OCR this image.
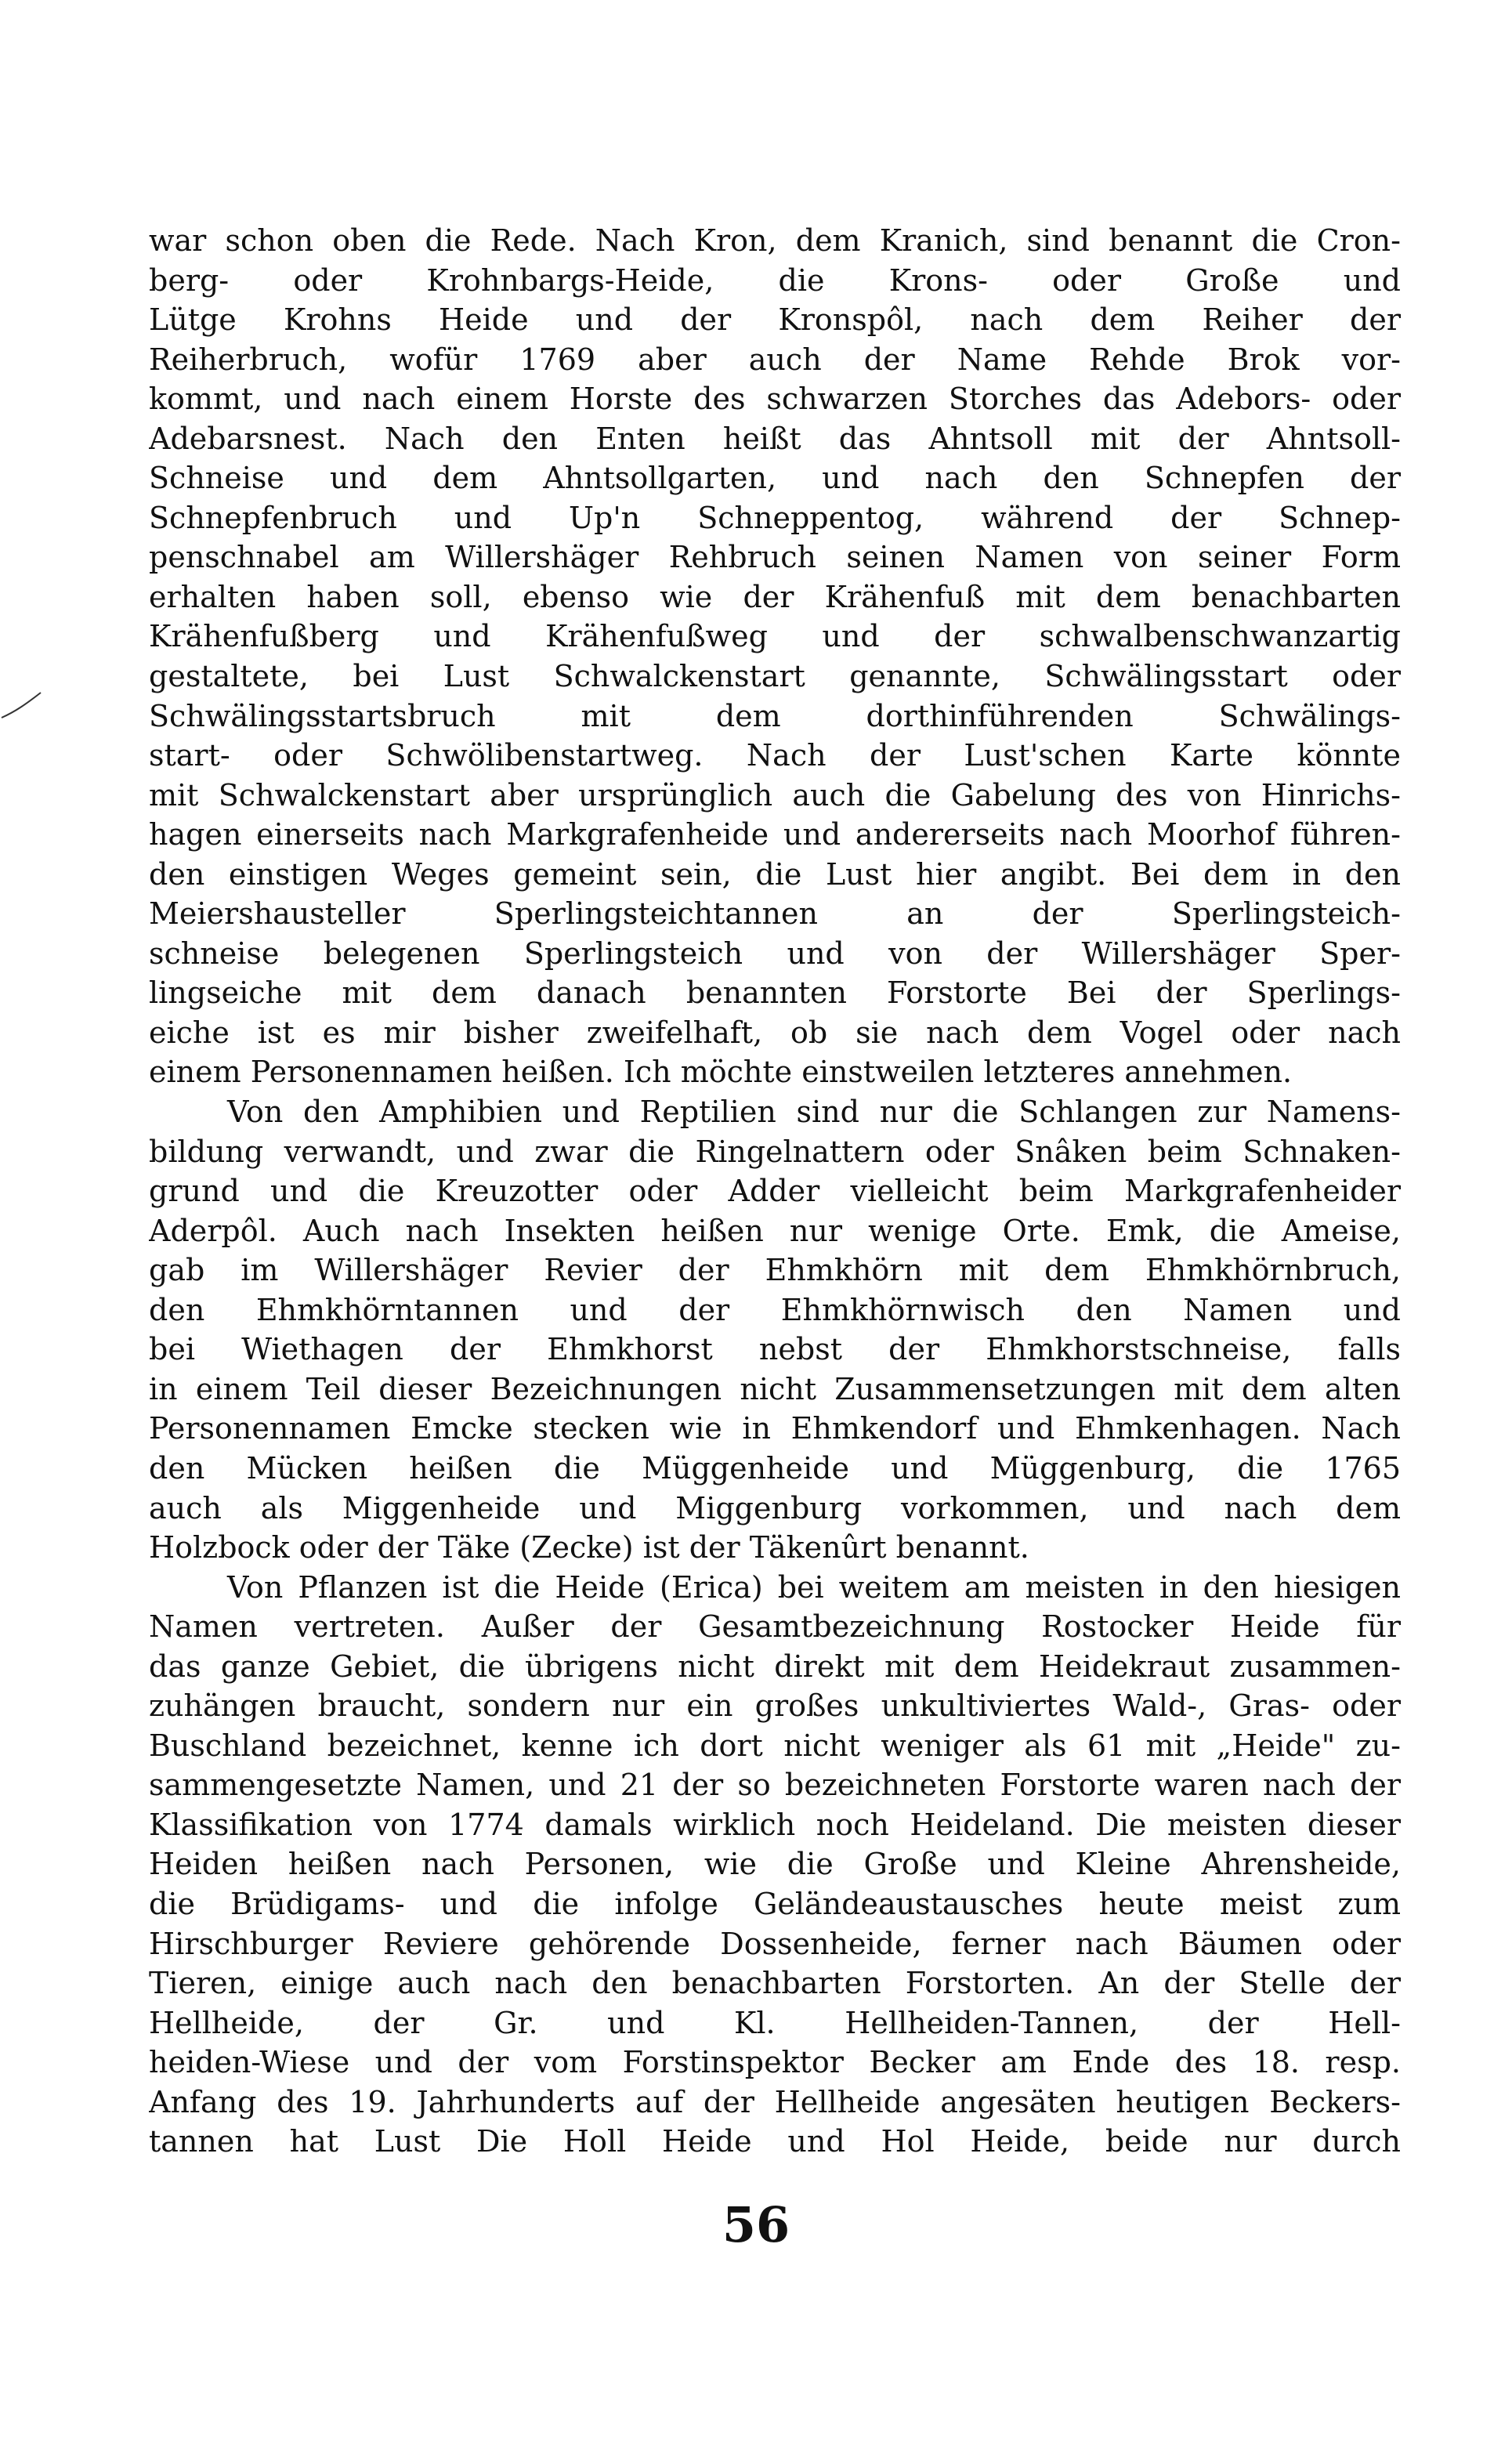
war schon oben die Rede. Nach Kron, dem Kranich, sind benannt die Cron-
berg- oder Krohnbargs-Heide, die Krons- oder Große und
Lütge Krohns Heide und der Kronspôl, nach dem Reiher der
Reiherbruch, wofür 1769 aber auch der Name Rehde Brok vor-
kommt, und nach einem Horste des schwarzen Storches das Adebors- oder
Adebarsnest. Nach den Enten heißt das Ahntsoll mit der Ahntsoll-
Schneise und dem Ahntsollgarten, und nach den Schnepfen der
Schnepfenbruch und Up'n Schneppentog, während der Schnep-
penschnabel am Willershäger Rehbruch seinen Namen von seiner Form
erhalten haben soll, ebenso wie der Krähenfuß mit dem benachbarten
Krähenfußberg und Krähenfußweg und der schwalbenschwanzartig
gestaltete, bei Lust Schwalckenstart genannte, Schwälingsstart oder
Schwälingsstartsbruch mit dem dorthinführenden Schwälings-
start- oder Schwölibenstartweg. Nach der Lust'schen Karte könnte
mit Schwalckenstart aber ursprünglich auch die Gabelung des von Hinrichs-
hagen einerseits nach Markgrafenheide und andererseits nach Moorhof führen-
den einstigen Weges gemeint sein, die Lust hier angibt. Bei dem in den
Meiershausteller Sperlingsteichtannen an der Sperlingsteich-
schneise belegenen Sperlingsteich und von der Willershäger Sper-
lingseiche mit dem danach benannten Forstorte Bei der Sperlings-
eiche ist es mir bisher zweifelhaft, ob sie nach dem Vogel oder nach
einem Personennamen heißen. Ich möchte einstweilen letzteres annehmen.
Von den Amphibien und Reptilien sind nur die Schlangen zur Namens-
bildung verwandt, und zwar die Ringelnattern oder Snâken beim Schnaken-
grund und die Kreuzotter oder Adder vielleicht beim Markgrafenheider
Aderpôl. Auch nach Insekten heißen nur wenige Orte. Emk, die Ameise,
gab im Willershäger Revier der Ehmkhörn mit dem Ehmkhörnbruch,
den Ehmkhörntannen und der Ehmkhörnwisch den Namen und
bei Wiethagen der Ehmkhorst nebst der Ehmkhorstschneise, falls
in einem Teil dieser Bezeichnungen nicht Zusammensetzungen mit dem alten
Personennamen Emcke stecken wie in Ehmkendorf und Ehmkenhagen. Nach
den Mücken heißen die Müggenheide und Müggenburg, die 1765
auch als Miggenheide und Miggenburg vorkommen, und nach dem
Holzbock oder der Täke (Zecke) ist der Täkenûrt benannt.
Von Pflanzen ist die Heide (Erica) bei weitem am meisten in den hiesigen
Namen vertreten. Außer der Gesamtbezeichnung Rostocker Heide für
das ganze Gebiet, die übrigens nicht direkt mit dem Heidekraut zusammen-
zuhängen braucht, sondern nur ein großes unkultiviertes Wald-, Gras- oder
Buschland bezeichnet, kenne ich dort nicht weniger als 61 mit „Heide" zu-
sammengesetzte Namen, und 21 der so bezeichneten Forstorte waren nach der
Klassifikation von 1774 damals wirklich noch Heideland. Die meisten dieser
Heiden heißen nach Personen, wie die Große und Kleine Ahrensheide,
die Brüdigams- und die infolge Geländeaustausches heute meist zum
Hirschburger Reviere gehörende Dossenheide, ferner nach Bäumen oder
Tieren, einige auch nach den benachbarten Forstorten. An der Stelle der
Hellheide, der Gr. und Kl. Hellheiden-Tannen, der Hell-
heiden-Wiese und der vom Forstinspektor Becker am Ende des 18. resp.
Anfang des 19. Jahrhunderts auf der Hellheide angesäten heutigen Beckers-
tannen hat Lust Die Holl Heide und Hol Heide, beide nur durch
56
